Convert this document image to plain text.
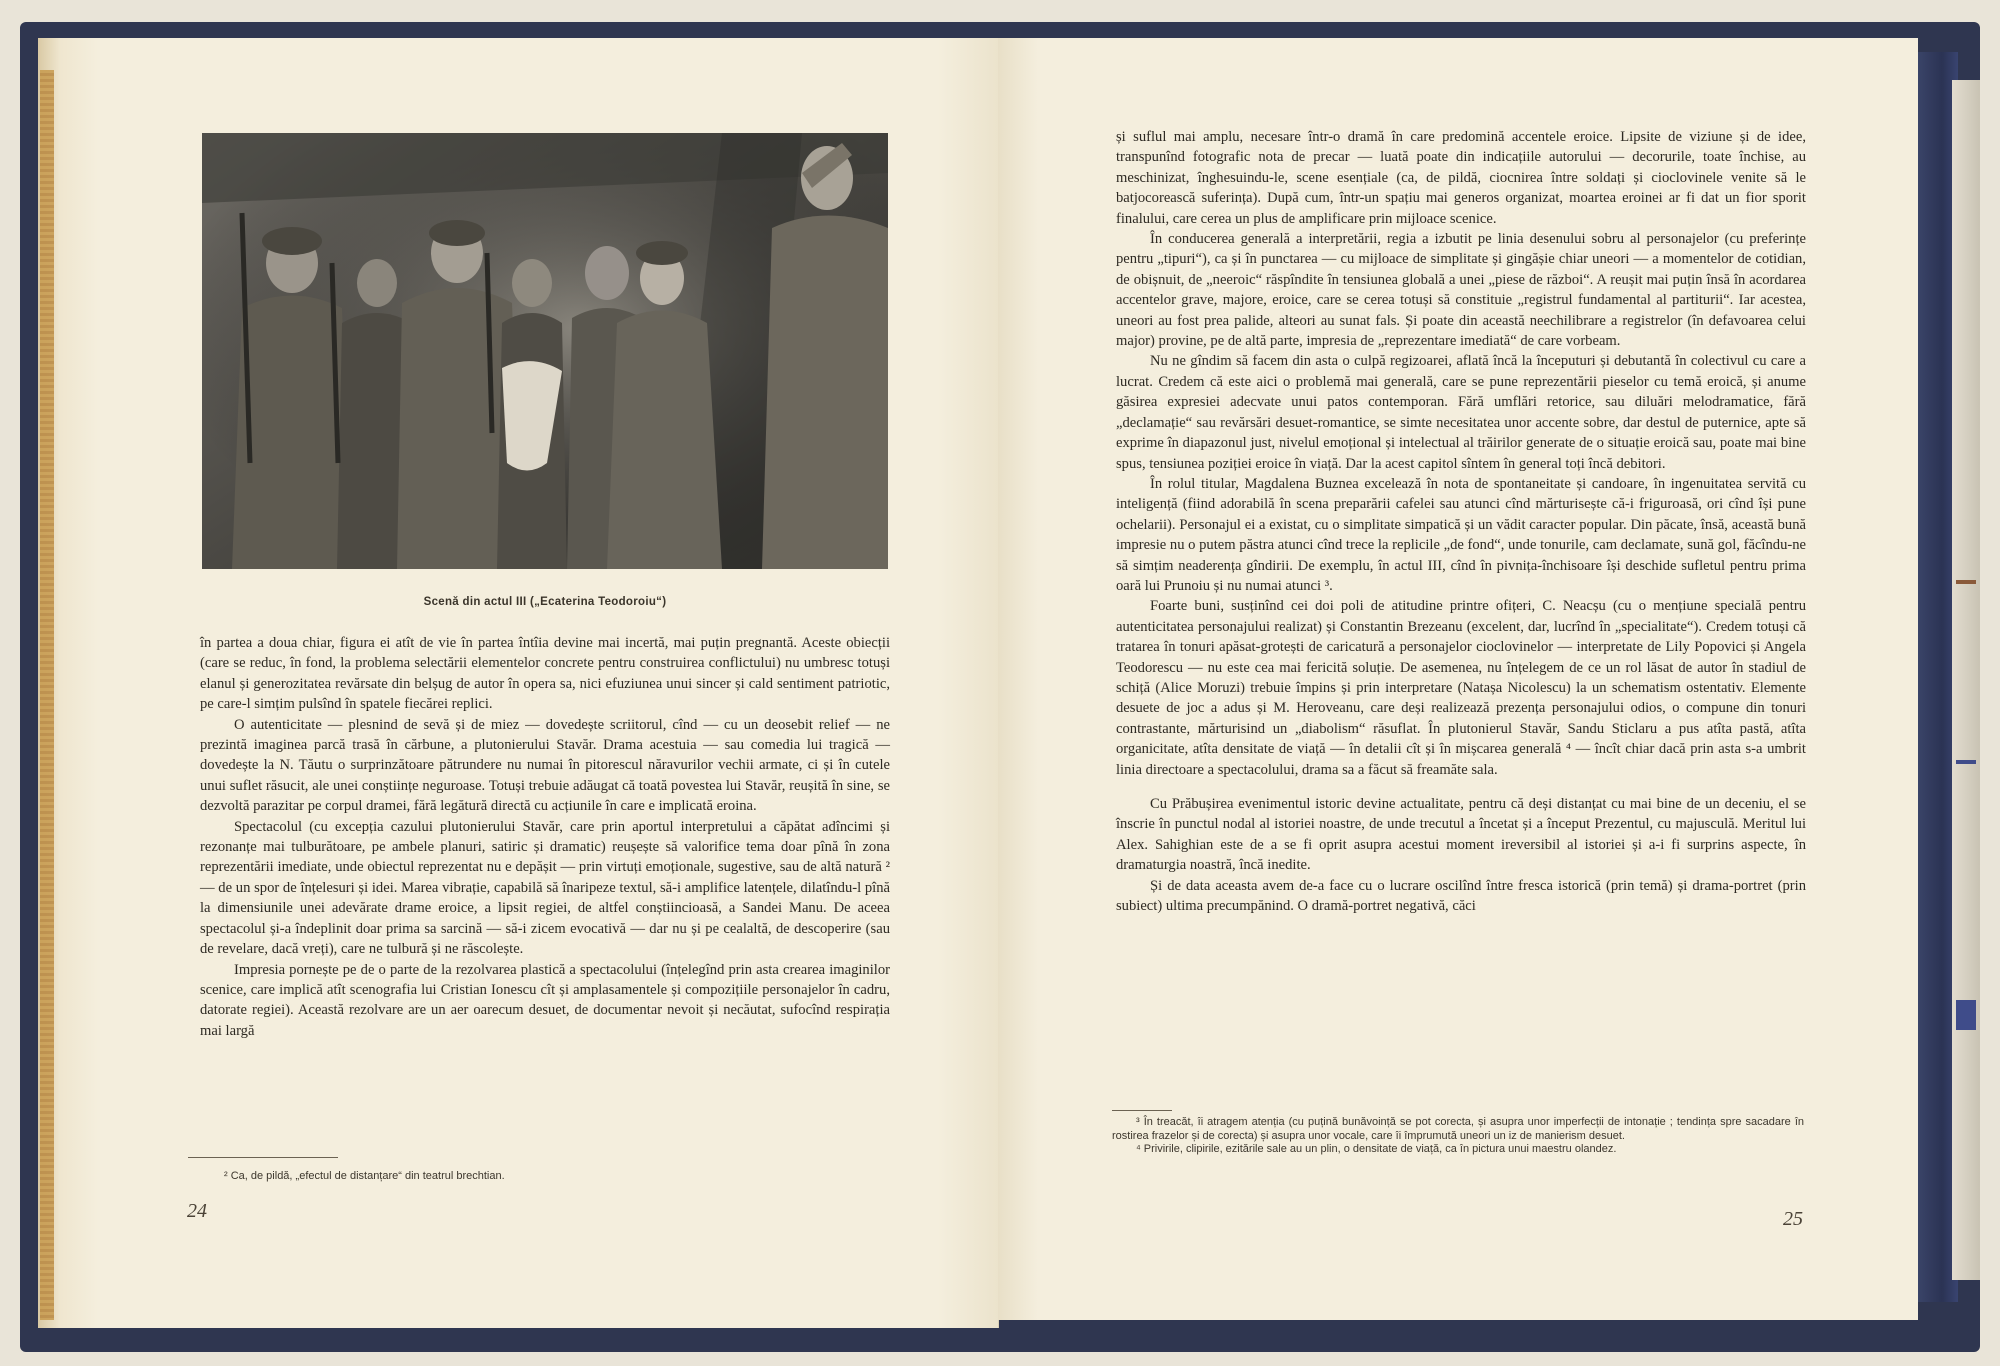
Scenă din actul III („Ecaterina Teodoroiu“)

în partea a doua chiar, figura ei atît de vie în partea întîia devine mai incertă, mai puțin pregnantă. Aceste obiecții (care se reduc, în fond, la problema selectării elementelor concrete pentru construirea conflictului) nu umbresc totuși elanul și generozitatea revărsate din belșug de autor în opera sa, nici efuziunea unui sincer și cald sentiment patriotic, pe care-l simțim pulsînd în spatele fiecărei replici.

O autenticitate — plesnind de sevă și de miez — dovedește scriitorul, cînd — cu un deosebit relief — ne prezintă imaginea parcă trasă în cărbune, a plutonierului Stavăr. Drama acestuia — sau comedia lui tragică — dovedește la N. Tăutu o surprinzătoare pătrundere nu numai în pitorescul năravurilor vechii armate, ci și în cutele unui suflet răsucit, ale unei conștiințe neguroase. Totuși trebuie adăugat că toată povestea lui Stavăr, reușită în sine, se dezvoltă parazitar pe corpul dramei, fără legătură directă cu acțiunile în care e implicată eroina.

Spectacolul (cu excepția cazului plutonierului Stavăr, care prin aportul interpretului a căpătat adîncimi și rezonanțe mai tulburătoare, pe ambele planuri, satiric și dramatic) reușește să valorifice tema doar pînă în zona reprezentării imediate, unde obiectul reprezentat nu e depășit — prin virtuți emoționale, sugestive, sau de altă natură ² — de un spor de înțelesuri și idei. Marea vibrație, capabilă să înaripeze textul, să-i amplifice latențele, dilatîndu-l pînă la dimensiunile unei adevărate drame eroice, a lipsit regiei, de altfel conștiincioasă, a Sandei Manu. De aceea spectacolul și-a îndeplinit doar prima sa sarcină — să-i zicem evocativă — dar nu și pe cealaltă, de descoperire (sau de revelare, dacă vreți), care ne tulbură și ne răscolește.

Impresia pornește pe de o parte de la rezolvarea plastică a spectacolului (înțelegînd prin asta crearea imaginilor scenice, care implică atît scenografia lui Cristian Ionescu cît și amplasamentele și compozițiile personajelor în cadru, datorate regiei). Această rezolvare are un aer oarecum desuet, de documentar nevoit și necăutat, sufocînd respirația mai largă

² Ca, de pildă, „efectul de distanțare“ din teatrul brechtian.

24

și suflul mai amplu, necesare într-o dramă în care predomină accentele eroice. Lipsite de viziune și de idee, transpunînd fotografic nota de precar — luată poate din indicațiile autorului — decorurile, toate închise, au meschinizat, înghesuindu-le, scene esențiale (ca, de pildă, ciocnirea între soldați și cioclovinele venite să le batjocorească suferința). După cum, într-un spațiu mai generos organizat, moartea eroinei ar fi dat un fior sporit finalului, care cerea un plus de amplificare prin mijloace scenice.

În conducerea generală a interpretării, regia a izbutit pe linia desenului sobru al personajelor (cu preferințe pentru „tipuri“), ca și în punctarea — cu mijloace de simplitate și gingășie chiar uneori — a momentelor de cotidian, de obișnuit, de „neeroic“ răspîndite în tensiunea globală a unei „piese de război“. A reușit mai puțin însă în acordarea accentelor grave, majore, eroice, care se cerea totuși să constituie „registrul fundamental al partiturii“. Iar acestea, uneori au fost prea palide, alteori au sunat fals. Și poate din această neechilibrare a registrelor (în defavoarea celui major) provine, pe de altă parte, impresia de „reprezentare imediată“ de care vorbeam.

Nu ne gîndim să facem din asta o culpă regizoarei, aflată încă la începuturi și debutantă în colectivul cu care a lucrat. Credem că este aici o problemă mai generală, care se pune reprezentării pieselor cu temă eroică, și anume găsirea expresiei adecvate unui patos contemporan. Fără umflări retorice, sau diluări melodramatice, fără „declamație“ sau revărsări desuet-romantice, se simte necesitatea unor accente sobre, dar destul de puternice, apte să exprime în diapazonul just, nivelul emoțional și intelectual al trăirilor generate de o situație eroică sau, poate mai bine spus, tensiunea poziției eroice în viață. Dar la acest capitol sîntem în general toți încă debitori.

În rolul titular, Magdalena Buznea excelează în nota de spontaneitate și candoare, în ingenuitatea servită cu inteligență (fiind adorabilă în scena preparării cafelei sau atunci cînd mărturisește că-i friguroasă, ori cînd își pune ochelarii). Personajul ei a existat, cu o simplitate simpatică și un vădit caracter popular. Din păcate, însă, această bună impresie nu o putem păstra atunci cînd trece la replicile „de fond“, unde tonurile, cam declamate, sună gol, făcîndu-ne să simțim neaderența gîndirii. De exemplu, în actul III, cînd în pivnița-închisoare își deschide sufletul pentru prima oară lui Prunoiu și nu numai atunci ³.

Foarte buni, susținînd cei doi poli de atitudine printre ofițeri, C. Neacșu (cu o mențiune specială pentru autenticitatea personajului realizat) și Constantin Brezeanu (excelent, dar, lucrînd în „specialitate“). Credem totuși că tratarea în tonuri apăsat-grotești de caricatură a personajelor cioclovinelor — interpretate de Lily Popovici și Angela Teodorescu — nu este cea mai fericită soluție. De asemenea, nu înțelegem de ce un rol lăsat de autor în stadiul de schiță (Alice Moruzi) trebuie împins și prin interpretare (Natașa Nicolescu) la un schematism ostentativ. Elemente desuete de joc a adus și M. Heroveanu, care deși realizează prezența personajului odios, o compune din tonuri contrastante, mărturisind un „diabolism“ răsuflat. În plutonierul Stavăr, Sandu Sticlaru a pus atîta pastă, atîta organicitate, atîta densitate de viață — în detalii cît și în mișcarea generală ⁴ — încît chiar dacă prin asta s-a umbrit linia directoare a spectacolului, drama sa a făcut să freamăte sala.

Cu Prăbușirea evenimentul istoric devine actualitate, pentru că deși distanțat cu mai bine de un deceniu, el se înscrie în punctul nodal al istoriei noastre, de unde trecutul a încetat și a început Prezentul, cu majusculă. Meritul lui Alex. Sahighian este de a se fi oprit asupra acestui moment ireversibil al istoriei și a-i fi surprins aspecte, în dramaturgia noastră, încă inedite.

Și de data aceasta avem de-a face cu o lucrare oscilînd între fresca istorică (prin temă) și drama-portret (prin subiect) ultima precumpănind. O dramă-portret negativă, căci

³ În treacăt, îi atragem atenția (cu puțină bunăvoință se pot corecta, și asupra unor imperfecții de intonație ; tendința spre sacadare în rostirea frazelor și de corecta) și asupra unor vocale, care îi împrumută uneori un iz de manierism desuet.

⁴ Privirile, clipirile, ezitările sale au un plin, o densitate de viață, ca în pictura unui maestru olandez.

25
